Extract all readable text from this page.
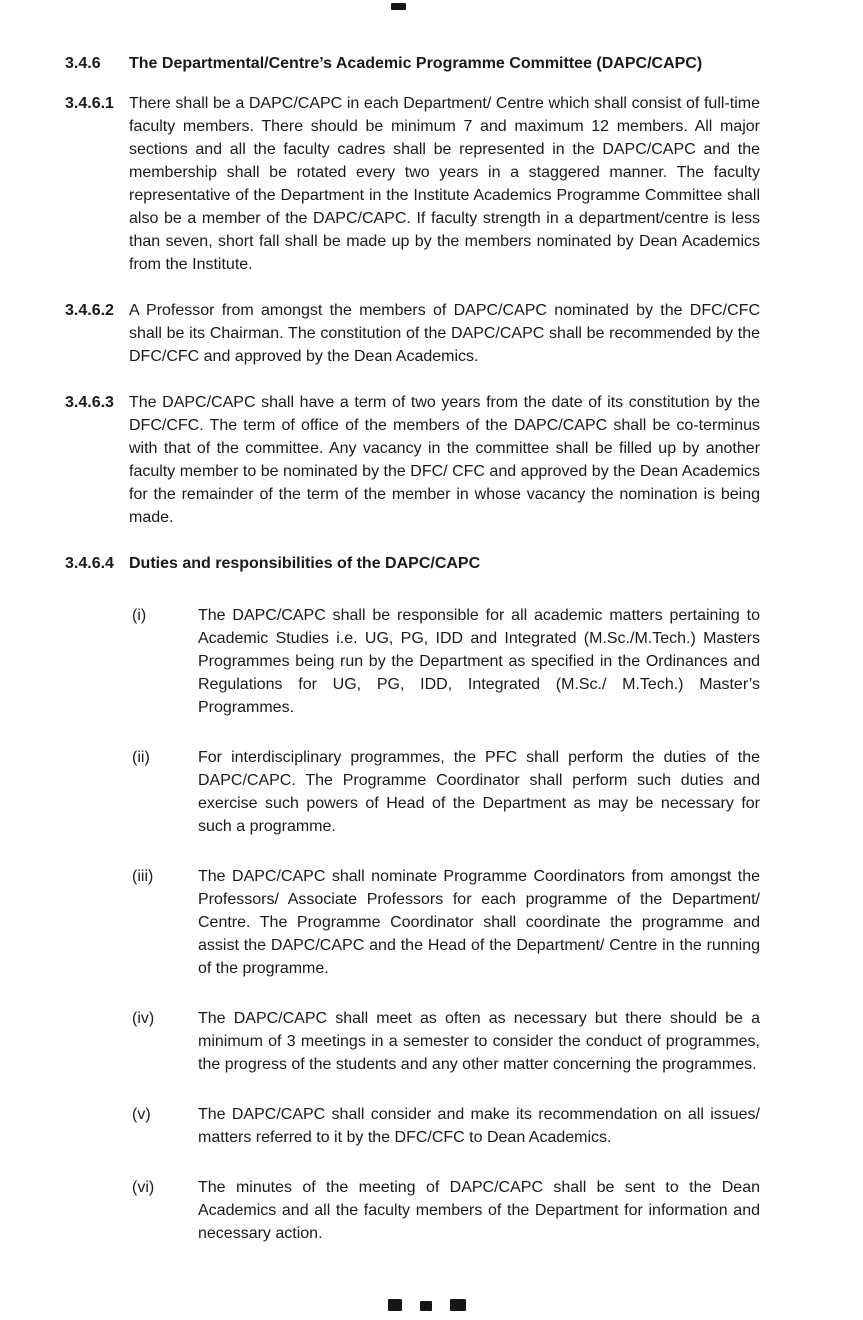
3.4.6	The Departmental/Centre’s Academic Programme Committee (DAPC/CAPC)
3.4.6.1 There shall be a DAPC/CAPC in each Department/ Centre which shall consist of full-time faculty members. There should be minimum 7 and maximum 12 members. All major sections and all the faculty cadres shall be represented in the DAPC/CAPC and the membership shall be rotated every two years in a staggered manner. The faculty representative of the Department in the Institute Academics Programme Committee shall also be a member of the DAPC/CAPC. If faculty strength in a department/centre is less than seven, short fall shall be made up by the members nominated by Dean Academics from the Institute.
3.4.6.2 A Professor from amongst the members of DAPC/CAPC nominated by the DFC/CFC shall be its Chairman. The constitution of the DAPC/CAPC shall be recommended by the DFC/CFC and approved by the Dean Academics.
3.4.6.3 The DAPC/CAPC shall have a term of two years from the date of its constitution by the DFC/CFC. The term of office of the members of the DAPC/CAPC shall be co-terminus with that of the committee. Any vacancy in the committee shall be filled up by another faculty member to be nominated by the DFC/ CFC and approved by the Dean Academics for the remainder of the term of the member in whose vacancy the nomination is being made.
3.4.6.4 Duties and responsibilities of the DAPC/CAPC
(i)	The DAPC/CAPC shall be responsible for all academic matters pertaining to Academic Studies i.e. UG, PG, IDD and Integrated (M.Sc./M.Tech.) Masters Programmes being run by the Department as specified in the Ordinances and Regulations for UG, PG, IDD, Integrated (M.Sc./ M.Tech.) Master’s Programmes.
(ii)	For interdisciplinary programmes, the PFC shall perform the duties of the DAPC/CAPC. The Programme Coordinator shall perform such duties and exercise such powers of Head of the Department as may be necessary for such a programme.
(iii)	The DAPC/CAPC shall nominate Programme Coordinators from amongst the Professors/ Associate Professors for each programme of the Department/ Centre. The Programme Coordinator shall coordinate the programme and assist the DAPC/CAPC and the Head of the Department/ Centre in the running of the programme.
(iv)	The DAPC/CAPC shall meet as often as necessary but there should be a minimum of 3 meetings in a semester to consider the conduct of programmes, the progress of the students and any other matter concerning the programmes.
(v)	The DAPC/CAPC shall consider and make its recommendation on all issues/ matters referred to it by the DFC/CFC to Dean Academics.
(vi)	The minutes of the meeting of DAPC/CAPC shall be sent to the Dean Academics and all the faculty members of the Department for information and necessary action.
